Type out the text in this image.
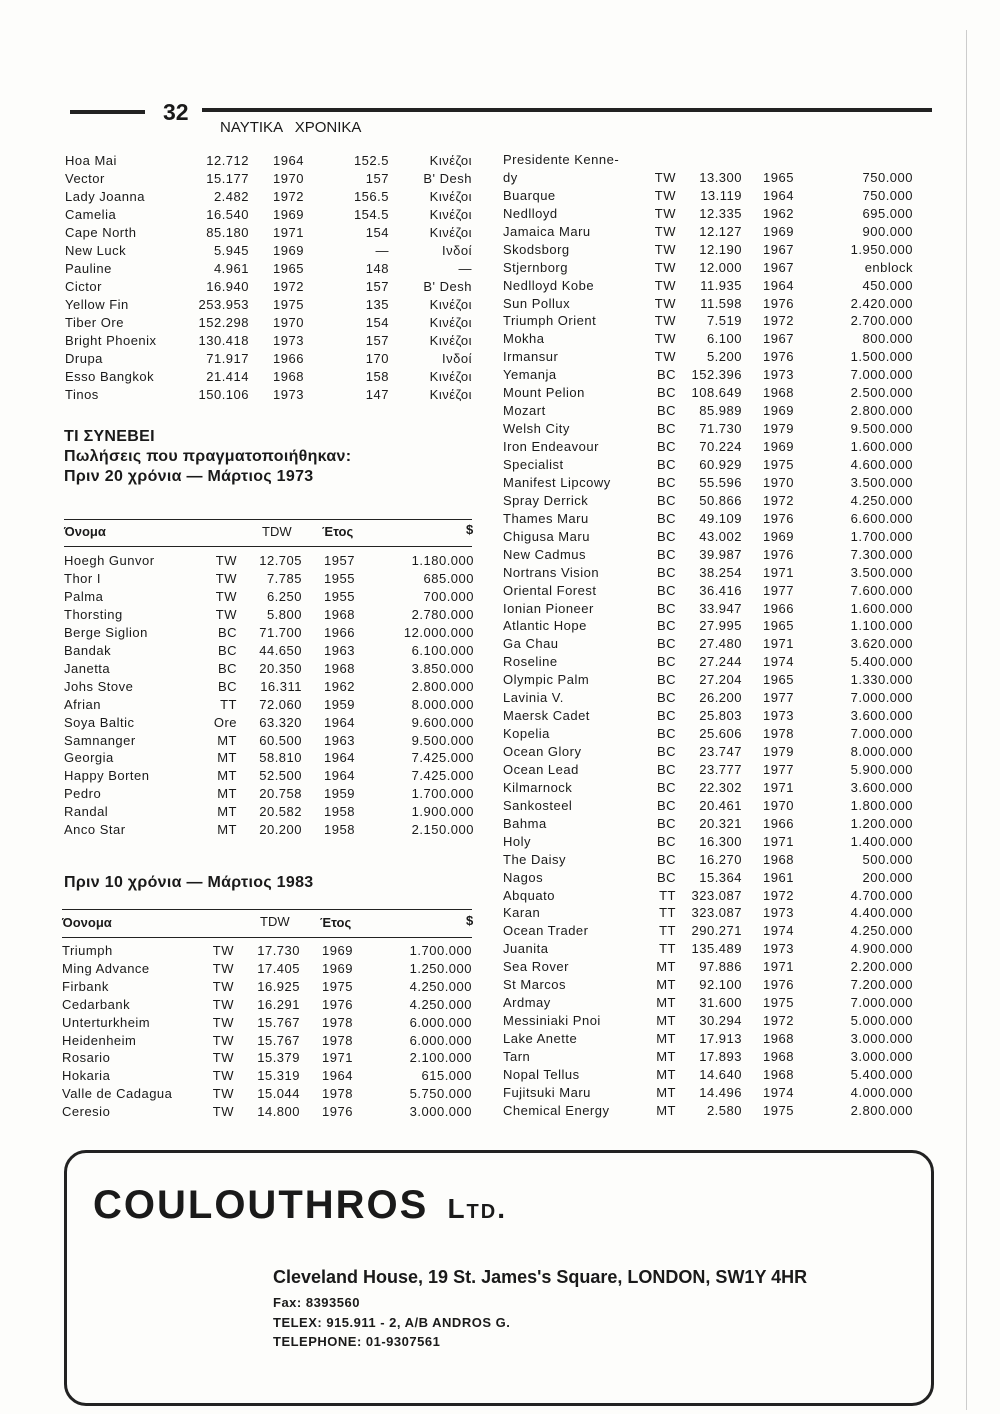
32
ΝΑΥΤΙΚΑ   ΧΡΟΝΙΚΑ
Hoa Mai	12.712 1964	152.5	Κινέζοι
Vector	15.177 1970	157	B' Desh
Lady Joanna	2.482 1972	156.5	Κινέζοι
Camelia	16.540 1969	154.5	Κινέζοι
Cape North	85.180 1971	154	Κινέζοι
New Luck	5.945 1969	—	Ινδοί
Pauline	4.961 1965	148	—
Cictor	16.940 1972	157	B' Desh
Yellow Fin	253.953 1975	135	Κινέζοι
Tiber Ore	152.298 1970	154	Κινέζοι
Bright Phoenix	130.418 1973	157	Κινέζοι
Drupa	71.917 1966	170	Ινδοί
Esso Bangkok	21.414 1968	158	Κινέζοι
Tinos	150.106 1973	147	Κινέζοι
ΤΙ ΣΥΝΕΒΕΙ
Πωλήσεις που πραγματοποιήθηκαν:
Πριν 20 χρόνια — Μάρτιος 1973
Όνομα	TDW Έτος	$
Hoegh Gunvor	TW 12.705 1957	1.180.000
Thor I	TW 7.785 1955	685.000
Palma	TW 6.250 1955	700.000
Thorsting	TW 5.800 1968	2.780.000
Berge Siglion	BC 71.700 1966	12.000.000
Bandak	BC 44.650 1963	6.100.000
Janetta	BC 20.350 1968	3.850.000
Johs Stove	BC 16.311 1962	2.800.000
Afrian	TT 72.060 1959	8.000.000
Soya Baltic	Ore 63.320 1964	9.600.000
Samnanger	MT 60.500 1963	9.500.000
Georgia	MT 58.810 1964	7.425.000
Happy Borten	MT 52.500 1964	7.425.000
Pedro	MT 20.758 1959	1.700.000
Randal	MT 20.582 1958	1.900.000
Anco Star	MT 20.200 1958	2.150.000
Πριν 10 χρόνια — Μάρτιος 1983
Όονομα	TDW Έτος	$
Triumph	TW 17.730 1969	1.700.000
Ming Advance	TW 17.405 1969	1.250.000
Firbank	TW 16.925 1975	4.250.000
Cedarbank	TW 16.291 1976	4.250.000
Unterturkheim	TW 15.767 1978	6.000.000
Heidenheim	TW 15.767 1978	6.000.000
Rosario	TW 15.379 1971	2.100.000
Hokaria	TW 15.319 1964	615.000
Valle de Cadagua	TW 15.044 1978	5.750.000
Ceresio	TW 14.800 1976	3.000.000
Presidente Kenne-
dy	TW 13.300 1965	750.000
Buarque	TW 13.119 1964	750.000
Nedlloyd	TW 12.335 1962	695.000
Jamaica Maru	TW 12.127 1969	900.000
Skodsborg	TW 12.190 1967	1.950.000
Stjernborg	TW 12.000 1967	enblock
Nedlloyd Kobe	TW 11.935 1964	450.000
Sun Pollux	TW 11.598 1976	2.420.000
Triumph Orient	TW 7.519 1972	2.700.000
Mokha	TW 6.100 1967	800.000
Irmansur	TW 5.200 1976	1.500.000
Yemanja	BC 152.396 1973	7.000.000
Mount Pelion	BC 108.649 1968	2.500.000
Mozart	BC 85.989 1969	2.800.000
Welsh City	BC 71.730 1979	9.500.000
Iron Endeavour	BC 70.224 1969	1.600.000
Specialist	BC 60.929 1975	4.600.000
Manifest Lipcowy	BC 55.596 1970	3.500.000
Spray Derrick	BC 50.866 1972	4.250.000
Thames Maru	BC 49.109 1976	6.600.000
Chigusa Maru	BC 43.002 1969	1.700.000
New Cadmus	BC 39.987 1976	7.300.000
Nortrans Vision	BC 38.254 1971	3.500.000
Oriental Forest	BC 36.416 1977	7.600.000
Ionian Pioneer	BC 33.947 1966	1.600.000
Atlantic Hope	BC 27.995 1965	1.100.000
Ga Chau	BC 27.480 1971	3.620.000
Roseline	BC 27.244 1974	5.400.000
Olympic Palm	BC 27.204 1965	1.330.000
Lavinia V.	BC 26.200 1977	7.000.000
Maersk Cadet	BC 25.803 1973	3.600.000
Kopelia	BC 25.606 1978	7.000.000
Ocean Glory	BC 23.747 1979	8.000.000
Ocean Lead	BC 23.777 1977	5.900.000
Kilmarnock	BC 22.302 1971	3.600.000
Sankosteel	BC 20.461 1970	1.800.000
Bahma	BC 20.321 1966	1.200.000
Holy	BC 16.300 1971	1.400.000
The Daisy	BC 16.270 1968	500.000
Nagos	BC 15.364 1961	200.000
Abquato	TT 323.087 1972	4.700.000
Karan	TT 323.087 1973	4.400.000
Ocean Trader	TT 290.271 1974	4.250.000
Juanita	TT 135.489 1973	4.900.000
Sea Rover	MT 97.886 1971	2.200.000
St Marcos	MT 92.100 1976	7.200.000
Ardmay	MT 31.600 1975	7.000.000
Messiniaki Pnoi	MT 30.294 1972	5.000.000
Lake Anette	MT 17.913 1968	3.000.000
Tarn	MT 17.893 1968	3.000.000
Nopal Tellus	MT 14.640 1968	5.400.000
Fujitsuki Maru	MT 14.496 1974	4.000.000
Chemical Energy	MT 2.580 1975	2.800.000
COULOUTHROS Ltd.
Cleveland House, 19 St. James's Square, LONDON, SW1Y 4HR
Fax: 8393560
TELEX: 915.911 - 2, A/B ANDROS G.
TELEPHONE: 01-9307561
